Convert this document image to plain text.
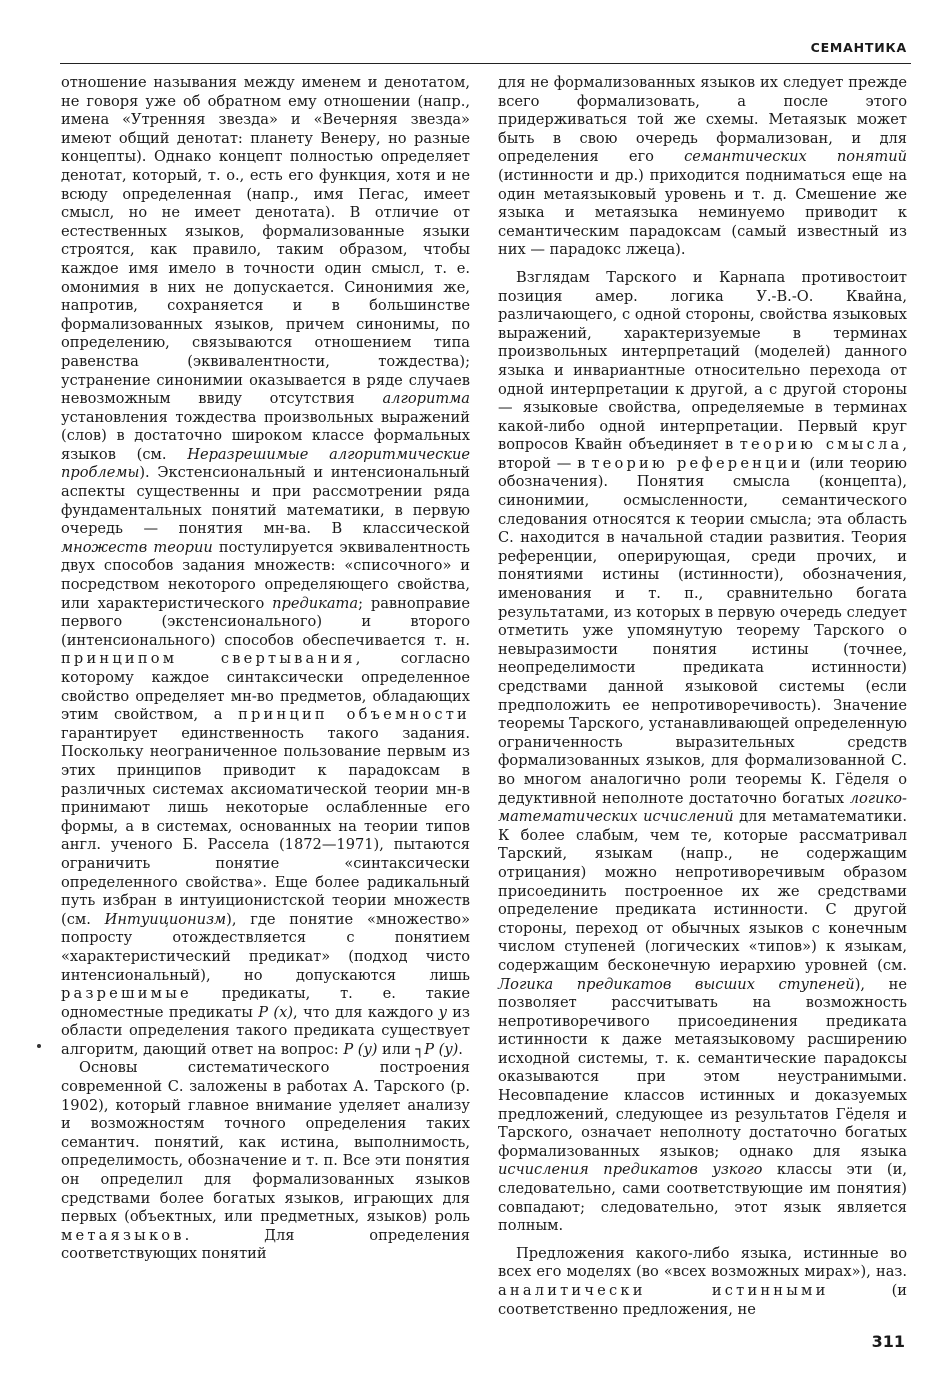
СЕМАНТИКА

отношение называния между именем и денотатом, не говоря уже об обратном ему отношении (напр., имена «Утренняя звезда» и «Вечерняя звезда» имеют общий денотат: планету Венеру, но разные концепты). Однако концепт полностью определяет денотат, который, т. о., есть его функция, хотя и не всюду определенная (напр., имя Пегас, имеет смысл, но не имеет денотата). В отличие от естественных языков, формализованные языки строятся, как правило, таким образом, чтобы каждое имя имело в точности один смысл, т. е. омонимия в них не допускается. Синонимия же, напротив, сохраняется и в большинстве формализованных языков, причем синонимы, по определению, связываются отношением типа равенства (эквивалентности, тождества); устранение синонимии оказывается в ряде случаев невозможным ввиду отсутствия алгоритма установления тождества произвольных выражений (слов) в достаточно широком классе формальных языков (см. Неразрешимые алгоритмические проблемы). Экстенсиональный и интенсиональный аспекты существенны и при рассмотрении ряда фундаментальных понятий математики, в первую очередь — понятия мн-ва. В классической множеств теории постулируется эквивалентность двух способов задания множеств: «списочного» и посредством некоторого определяющего свойства, или характеристического предиката; равноправие первого (экстенсионального) и второго (интенсионального) способов обеспечивается т. н. принципом свертывания, согласно которому каждое синтаксически определенное свойство определяет мн-во предметов, обладающих этим свойством, а принцип объемности гарантирует единственность такого задания. Поскольку неограниченное пользование первым из этих принципов приводит к парадоксам в различных системах аксиоматической теории мн-в принимают лишь некоторые ослабленные его формы, а в системах, основанных на теории типов англ. ученого Б. Рассела (1872—1971), пытаются ограничить понятие «синтаксически определенного свойства». Еще более радикальный путь избран в интуиционистской теории множеств (см. Интуиционизм), где понятие «множество» попросту отождествляется с понятием «характеристический предикат» (подход чисто интенсиональный), но допускаются лишь разрешимые предикаты, т. е. такие одноместные предикаты P (x), что для каждого y из области определения такого предиката существует алгоритм, дающий ответ на вопрос: P (y) или ┐P (y).

Основы систематического построения современной С. заложены в работах А. Тарского (р. 1902), который главное внимание уделяет анализу и возможностям точного определения таких семантич. понятий, как истина, выполнимость, определимость, обозначение и т. п. Все эти понятия он определил для формализованных языков средствами более богатых языков, играющих для первых (объектных, или предметных, языков) роль метаязыков. Для определения соответствующих понятий

для не формализованных языков их следует прежде всего формализовать, а после этого придерживаться той же схемы. Метаязык может быть в свою очередь формализован, и для определения его семантических понятий (истинности и др.) приходится подниматься еще на один метаязыковый уровень и т. д. Смешение же языка и метаязыка неминуемо приводит к семантическим парадоксам (самый известный из них — парадокс лжеца).

Взглядам Тарского и Карнапа противостоит позиция амер. логика У.-В.-О. Квайна, различающего, с одной стороны, свойства языковых выражений, характеризуемые в терминах произвольных интерпретаций (моделей) данного языка и инвариантные относительно перехода от одной интерпретации к другой, а с другой стороны — языковые свойства, определяемые в терминах какой-либо одной интерпретации. Первый круг вопросов Квайн объединяет в теорию смысла, второй — в теорию референции (или теорию обозначения). Понятия смысла (концепта), синонимии, осмысленности, семантического следования относятся к теории смысла; эта область С. находится в начальной стадии развития. Теория референции, оперирующая, среди прочих, и понятиями истины (истинности), обозначения, именования и т. п., сравнительно богата результатами, из которых в первую очередь следует отметить уже упомянутую теорему Тарского о невыразимости понятия истины (точнее, неопределимости предиката истинности) средствами данной языковой системы (если предположить ее непротиворечивость). Значение теоремы Тарского, устанавливающей определенную ограниченность выразительных средств формализованных языков, для формализованной С. во многом аналогично роли теоремы К. Гёделя о дедуктивной неполноте достаточно богатых логико-математических исчислений для метаматематики. К более слабым, чем те, которые рассматривал Тарский, языкам (напр., не содержащим отрицания) можно непротиворечивым образом присоединить построенное их же средствами определение предиката истинности. С другой стороны, переход от обычных языков с конечным числом ступеней (логических «типов») к языкам, содержащим бесконечную иерархию уровней (см. Логика предикатов высших ступеней), не позволяет рассчитывать на возможность непротиворечивого присоединения предиката истинности к даже метаязыковому расширению исходной системы, т. к. семантические парадоксы оказываются при этом неустранимыми. Несовпадение классов истинных и доказуемых предложений, следующее из результатов Гёделя и Тарского, означает неполноту достаточно богатых формализованных языков; однако для языка исчисления предикатов узкого классы эти (и, следовательно, сами соответствующие им понятия) совпадают; следовательно, этот язык является полным.

Предложения какого-либо языка, истинные во всех его моделях (во «всех возможных мирах»), наз. аналитически истинными (и соответственно предложения, не

311
